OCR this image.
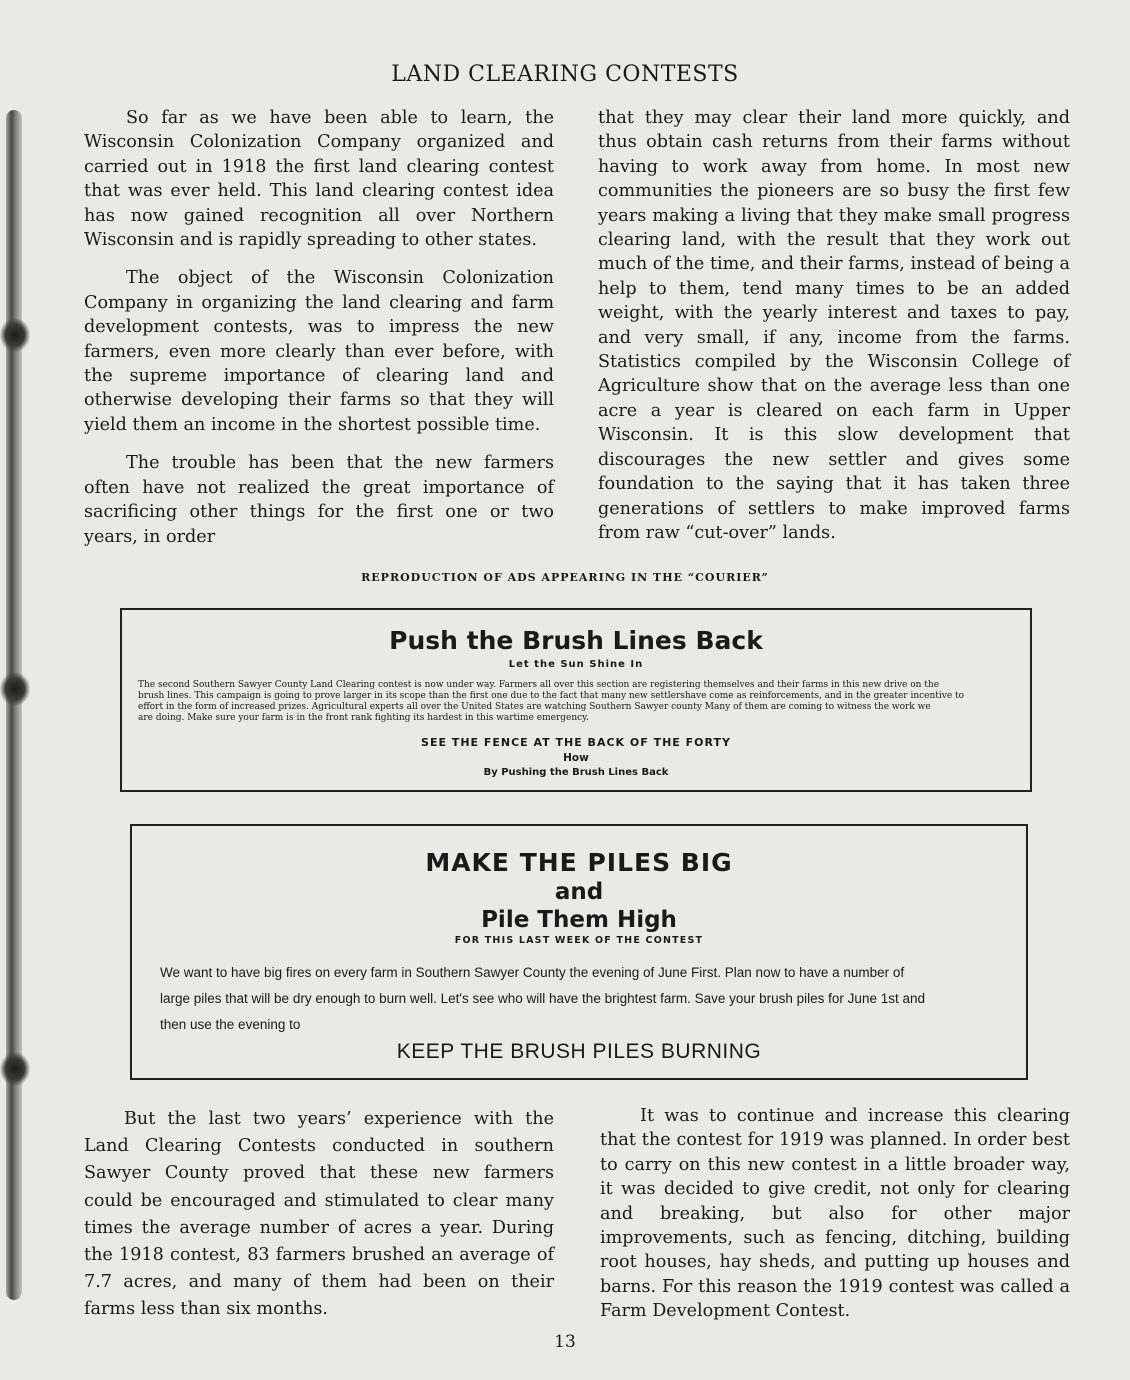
LAND CLEARING CONTESTS

So far as we have been able to learn, the Wisconsin Colonization Company organized and carried out in 1918 the first land clearing contest that was ever held. This land clearing contest idea has now gained recognition all over Northern Wisconsin and is rapidly spreading to other states.

The object of the Wisconsin Colonization Company in organizing the land clearing and farm development contests, was to impress the new farmers, even more clearly than ever before, with the supreme importance of clearing land and otherwise developing their farms so that they will yield them an income in the shortest possible time.

The trouble has been that the new farmers often have not realized the great importance of sacrificing other things for the first one or two years, in order

that they may clear their land more quickly, and thus obtain cash returns from their farms without having to work away from home. In most new communities the pioneers are so busy the first few years making a living that they make small progress clearing land, with the result that they work out much of the time, and their farms, instead of being a help to them, tend many times to be an added weight, with the yearly interest and taxes to pay, and very small, if any, income from the farms. Statistics compiled by the Wisconsin College of Agriculture show that on the average less than one acre a year is cleared on each farm in Upper Wisconsin. It is this slow development that discourages the new settler and gives some foundation to the saying that it has taken three generations of settlers to make improved farms from raw “cut-over” lands.

REPRODUCTION OF ADS APPEARING IN THE “COURIER”
Push the Brush Lines Back
Let the Sun Shine In
The second Southern Sawyer County Land Clearing contest is now under way. Farmers all over this section are registering themselves and their farms in this new drive on the
brush lines. This campaign is going to prove larger in its scope than the first one due to the fact that many new settlershave come as reinforcements, and in the greater incentive to
effort in the form of increased prizes. Agricultural experts all over the United States are watching Southern Sawyer county Many of them are coming to witness the work we
are doing. Make sure your farm is in the front rank fighting its hardest in this wartime emergency.
SEE THE FENCE AT THE BACK OF THE FORTY
How
By Pushing the Brush Lines Back
MAKE THE PILES BIG
and
Pile Them High
FOR THIS LAST WEEK OF THE CONTEST
We want to have big fires on every farm in Southern Sawyer County the evening of June First. Plan now to have a number of
large piles that will be dry enough to burn well. Let's see who will have the brightest farm. Save your brush piles for June 1st and
then use the evening to
KEEP THE BRUSH PILES BURNING

But the last two years’ experience with the Land Clearing Contests conducted in southern Sawyer County proved that these new farmers could be encouraged and stimulated to clear many times the average number of acres a year. During the 1918 contest, 83 farmers brushed an average of 7.7 acres, and many of them had been on their farms less than six months.

It was to continue and increase this clearing that the contest for 1919 was planned. In order best to carry on this new contest in a little broader way, it was decided to give credit, not only for clearing and breaking, but also for other major improvements, such as fencing, ditching, building root houses, hay sheds, and putting up houses and barns. For this reason the 1919 contest was called a Farm Development Contest.

13
